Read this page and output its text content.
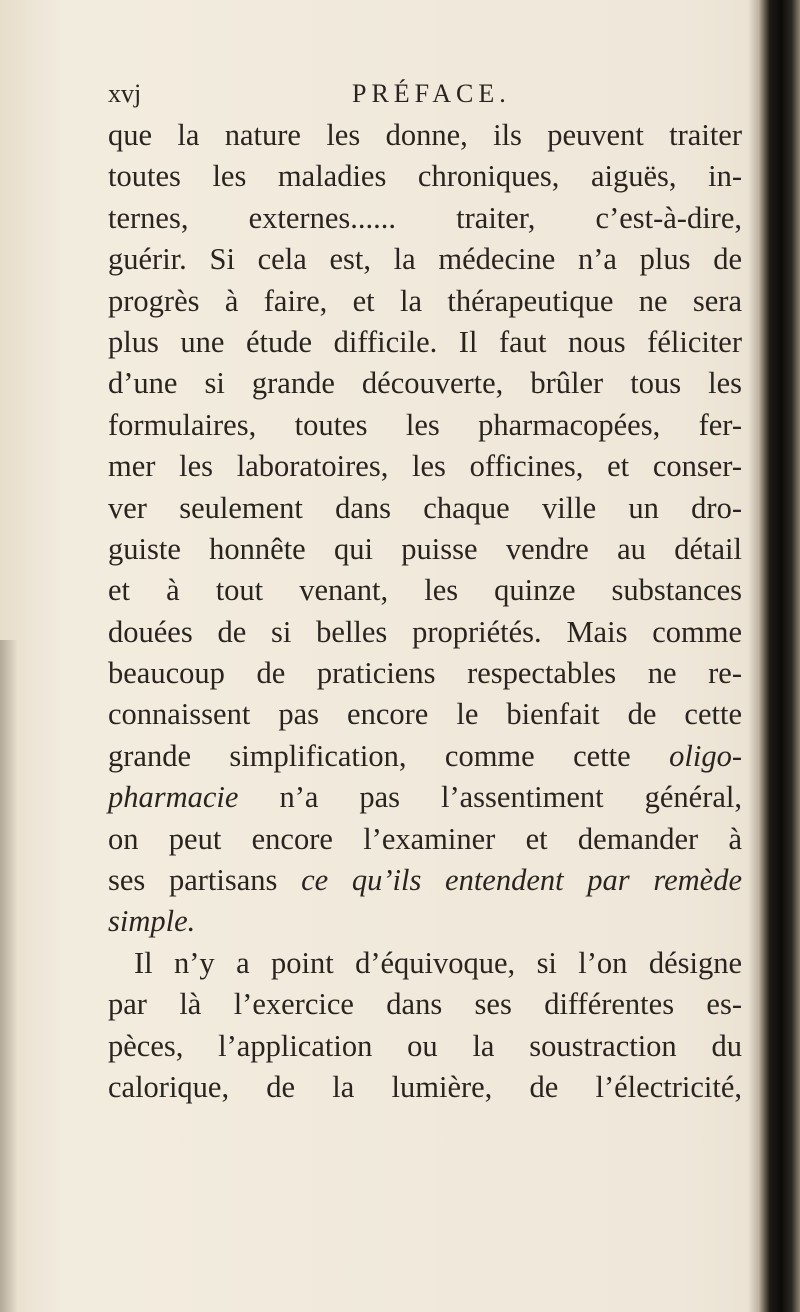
xvj	PRÉFACE.
que la nature les donne, ils peuvent traiter
toutes les maladies chroniques, aiguës, in-
ternes, externes...... traiter, c’est-à-dire,
guérir. Si cela est, la médecine n’a plus de
progrès à faire, et la thérapeutique ne sera
plus une étude difficile. Il faut nous féliciter
d’une si grande découverte, brûler tous les
formulaires, toutes les pharmacopées, fer-
mer les laboratoires, les officines, et conser-
ver seulement dans chaque ville un dro-
guiste honnête qui puisse vendre au détail
et à tout venant, les quinze substances
douées de si belles propriétés. Mais comme
beaucoup de praticiens respectables ne re-
connaissent pas encore le bienfait de cette
grande simplification, comme cette oligo-
pharmacie n’a pas l’assentiment général,
on peut encore l’examiner et demander à
ses partisans ce qu’ils entendent par remède
simple.
Il n’y a point d’équivoque, si l’on désigne
par là l’exercice dans ses différentes es-
pèces, l’application ou la soustraction du
calorique, de la lumière, de l’électricité,
